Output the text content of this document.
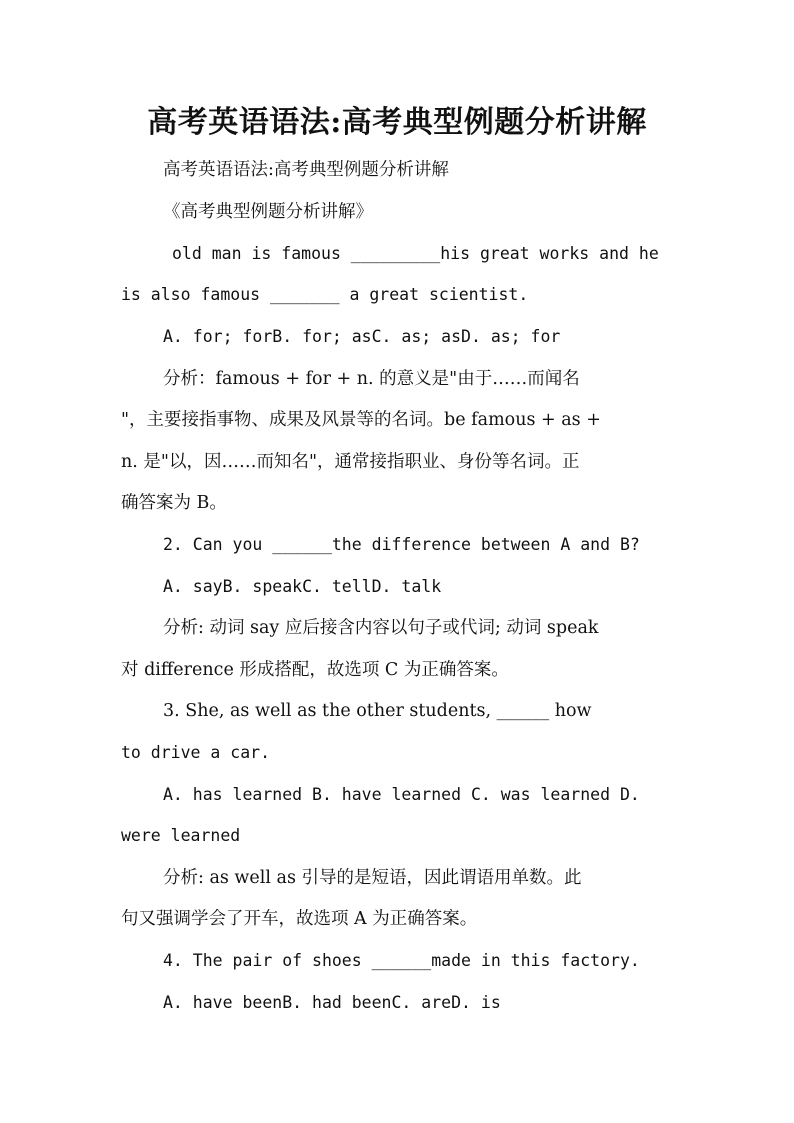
高考英语语法:高考典型例题分析讲解
高考英语语法:高考典型例题分析讲解
《高考典型例题分析讲解》
old man is famous _________his great works and he
is also famous _______ a great scientist.
A. for; forB. for; asC. as; asD. as; for
分析：famous + for + n. 的意义是"由于……而闻名
"，主要接指事物、成果及风景等的名词。be famous + as +
n. 是"以，因……而知名"，通常接指职业、身份等名词。正
确答案为 B。
2. Can you ______the difference between A and B?
A. sayB. speakC. tellD. talk
分析: 动词 say 应后接含内容以句子或代词; 动词 speak
对 difference 形成搭配，故选项 C 为正确答案。
3. She, as well as the other students, ______ how
to drive a car.
A. has learned B. have learned C. was learned D.
were learned
分析: as well as 引导的是短语，因此谓语用单数。此
句又强调学会了开车，故选项 A 为正确答案。
4. The pair of shoes ______made in this factory.
A. have beenB. had beenC. areD. is
